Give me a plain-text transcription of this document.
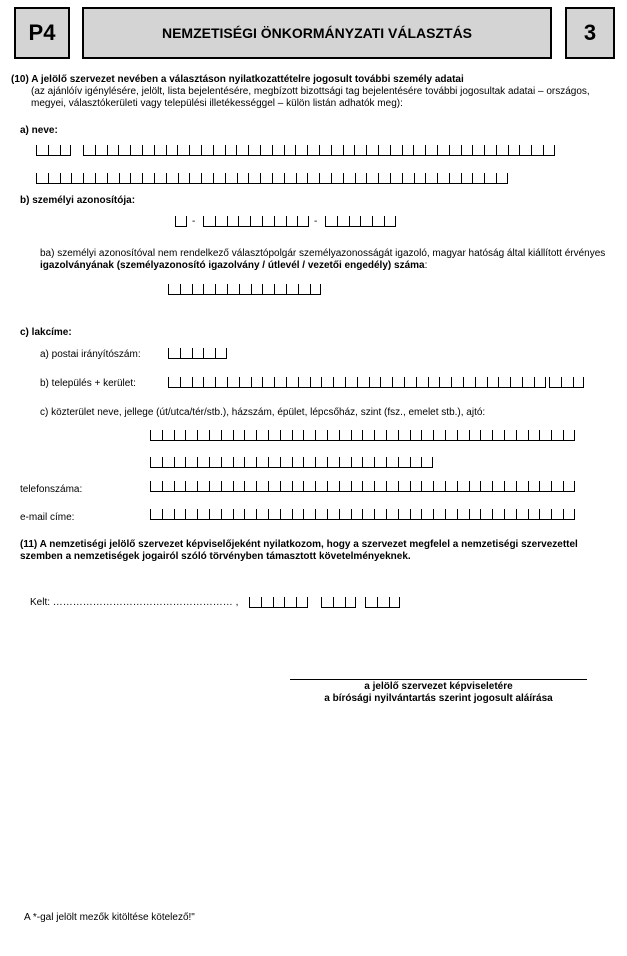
P4	NEMZETISÉGI ÖNKORMÁNYZATI VÁLASZTÁS	3
(10) A jelölő szervezet nevében a választáson nyilatkozattételre jogosult további személy adatai
(az ajánlóív igénylésére, jelölt, lista bejelentésére, megbízott bizottsági tag bejelentésére további jogosultak adatai – országos,
megyei, választókerületi vagy települési illetékességgel – külön listán adhatók meg):
a) neve:
b) személyi azonosítója:
-	-
ba) személyi azonosítóval nem rendelkező választópolgár személyazonosságát igazoló, magyar hatóság által kiállított érvényes
igazolványának (személyazonosító igazolvány / útlevél / vezetői engedély) száma:
c) lakcíme:
a) postai irányítószám:
b) település + kerület:
c) közterület neve, jellege (út/utca/tér/stb.), házszám, épület, lépcsőház, szint (fsz., emelet stb.), ajtó:
telefonszáma:
e-mail címe:
(11) A nemzetiségi jelölő szervezet képviselőjeként nyilatkozom, hogy a szervezet megfelel a nemzetiségi szervezettel
szemben a nemzetiségek jogairól szóló törvényben támasztott követelményeknek.
Kelt: ……………………………………………… ,
a jelölő szervezet képviseletére
a bírósági nyilvántartás szerint jogosult aláírása
A *-gal jelölt mezők kitöltése kötelező!"
